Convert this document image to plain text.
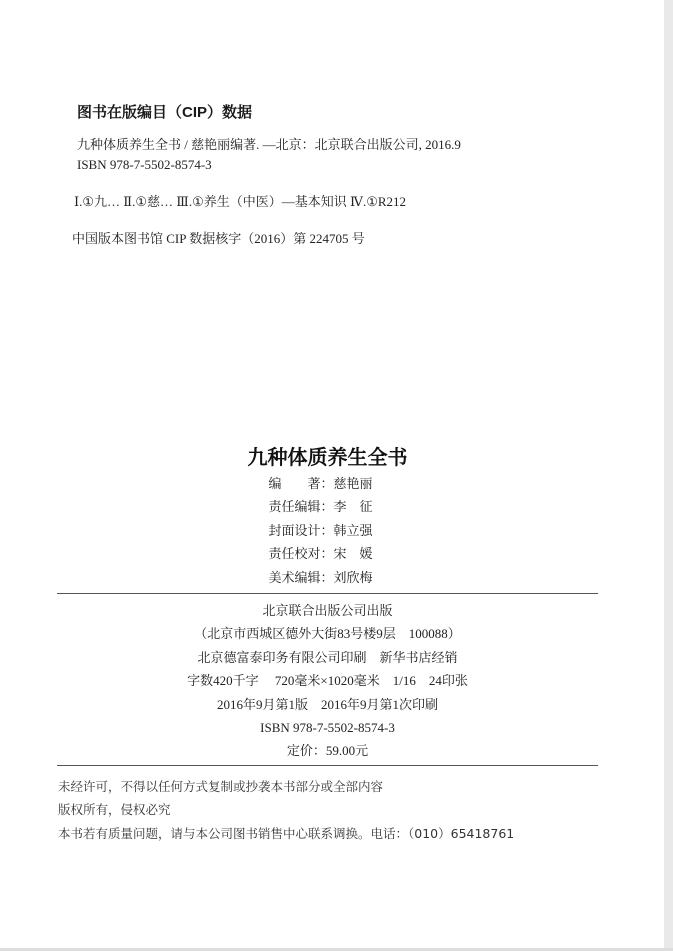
图书在版编目（CIP）数据
九种体质养生全书 / 慈艳丽编著. —北京：北京联合出版公司, 2016.9
ISBN 978-7-5502-8574-3
Ⅰ.①九… Ⅱ.①慈… Ⅲ.①养生（中医）—基本知识 Ⅳ.①R212
中国版本图书馆 CIP 数据核字（2016）第 224705 号
九种体质养生全书
编　　著： 慈艳丽
责任编辑： 李　征
封面设计： 韩立强
责任校对： 宋　媛
美术编辑： 刘欣梅
北京联合出版公司出版
（北京市西城区德外大街83号楼9层　100088）
北京德富泰印务有限公司印刷　新华书店经销
字数420千字　 720毫米×1020毫米　1/16　24印张
2016年9月第1版　2016年9月第1次印刷
ISBN 978-7-5502-8574-3
定价：59.00元
未经许可，不得以任何方式复制或抄袭本书部分或全部内容
版权所有，侵权必究
本书若有质量问题，请与本公司图书销售中心联系调换。电话：（010）65418761
